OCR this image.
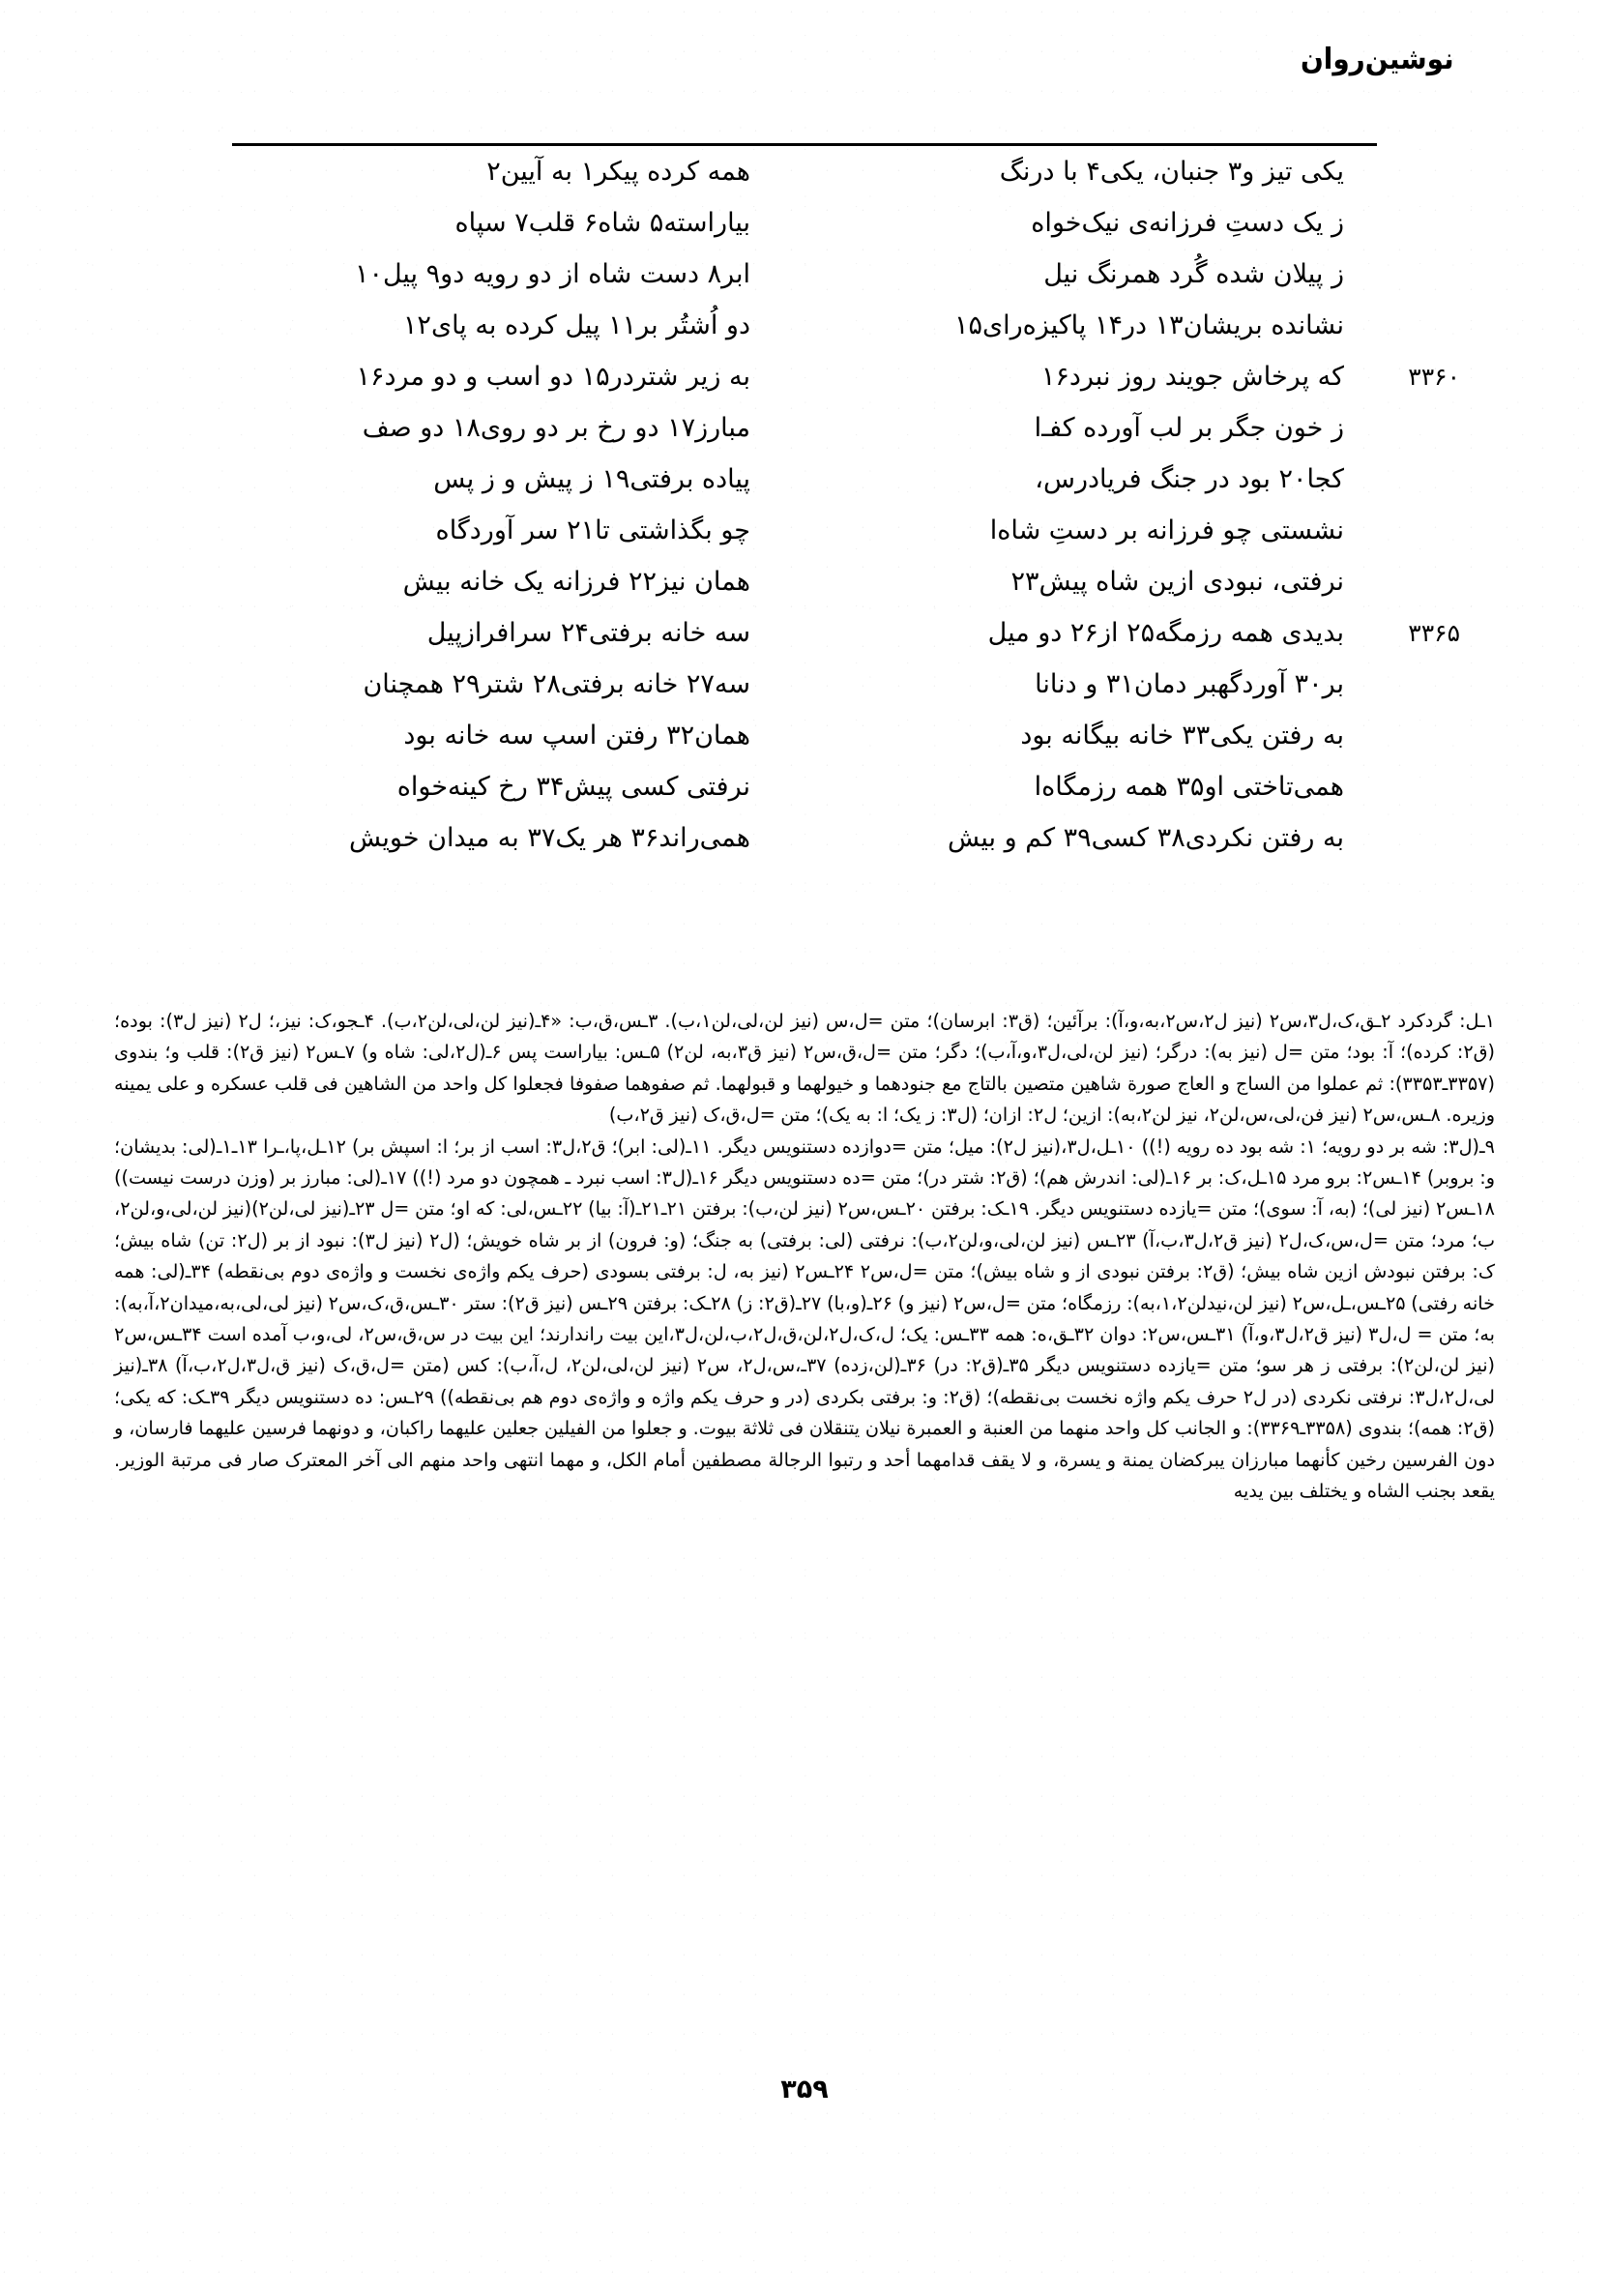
نوشین‌روان
یکی تیز و۳ جنبان، یکی۴ با درنگ
همه کرده پیکر۱ به آیین۲
ز یک دستِ فرزانه‌ی نیک‌خواه
بیاراسته۵ شاه۶ قلب۷ سپاه
ز پیلان شده گُرد همرنگ نیل
ابر۸ دست شاه از دو رویه دو۹ پیل۱۰
نشانده بریشان۱۳ در۱۴ پاکیزه‌رای۱۵
دو اُشتُر بر۱۱ پیل کرده به پای۱۲
۳۳۶۰
که پرخاش جویند روز نبرد۱۶
به زیر شتردر۱۵ دو اسب و دو مرد۱۶
ز خون جگر بر لب آورده کفـ‌ا
مبارز۱۷ دو رخ بر دو روی۱۸ دو صف
کجا۲۰ بود در جنگ فریادرس‌،
پیاده برفتی۱۹ ز پیش و ز پس
نشستی چو فرزانه بر دستِ شاه‌ا
چو بگذاشتی تا۲۱ سر آوردگاه
نرفتی، نبودی ازین شاه پیش۲۳
همان نیز۲۲ فرزانه یک خانه بیش
۳۳۶۵
بدیدی همه رزمگه۲۵ از۲۶ دو میل
سه خانه برفتی۲۴ سرافرازپیل
بر۳۰ آوردگهبر دمان۳۱ و دنانا
سه۲۷ خانه برفتی۲۸ شتر۲۹ همچنان
به رفتن یکی۳۳ خانه بیگانه بود
همان۳۲ رفتن اسپ سه خانه بود
همی‌تاختی او۳۵ همه رزمگاه‌ا
نرفتی کسی پیش۳۴ رخ کینه‌خواه
به رفتن نکردی۳۸ کسی۳۹ کم و بیش
همی‌راند۳۶ هر یک۳۷ به میدان خویش

۱ـل: گردکرد ۲ـق،ک،ل۳،س۲ (نیز ل۲،س۲،به،و،آ): برآئین؛ (ق۳: ابرسان)؛ متن =ل،س (نیز لن،لی،لن۱،ب). ۳ـس،ق،ب: «۴ـ(نیز لن،لی،لن۲،ب). ۴ـجو،ک: نیز،؛ ل۲ (نیز ل۳): بوده؛ (ق۲: کرده)؛ آ: بود؛ متن =ل (نیز به): درگر؛ (نیز لن،لی،ل۳،و،آ،ب)؛ دگر؛ متن =ل،ق،س۲ (نیز ق۳،به، لن۲) ۵ـس: بیاراست پس ۶ـ(ل۲،لی: شاه و) ۷ـس۲ (نیز ق۲): قلب و؛ بندوی (۳۳۵۷ـ۳۳۵۳): ثم عملوا من الساج و العاج صورة شاهین متصین بالتاج مع جنودهما و خیولهما و قبولهما. ثم صفوهما صفوفا فجعلوا کل واحد من الشاهین فی قلب عسکره و علی یمینه وزیره. ۸ـس،س۲ (نیز فن،لی،س،لن۲، نیز لن۲،به): ازین؛ ل۲: ازان؛ (ل۳: ز یک؛ ا: به یک)؛ متن =ل،ق،ک (نیز ق۲،ب)

۹ـ(ل۳: شه بر دو رویه؛ ۱: شه بود ده رویه (!)) ۱۰ـل،ل۳،(نیز ل۲): میل؛ متن =دوازده دستنویس دیگر. ۱۱ـ(لی: ابر)؛ ق۲،ل۳: اسب از بر؛ ا: اسپش بر) ۱۲ـل،پا،ـرا ۱۳ـ۱ـ(لی: بدیشان؛ و: بروبر) ۱۴ـس۲: برو مرد ۱۵ـل،ک: بر ۱۶ـ(لی: اندرش هم)؛ (ق۲: شتر در)؛ متن =ده دستنویس دیگر ۱۶ـ(ل۳: اسب نبرد ـ همچون دو مرد (!)) ۱۷ـ(لی: مبارز بر (وزن درست نیست)) ۱۸ـس۲ (نیز لی)؛ (به، آ: سوی)؛ متن =یازده دستنویس دیگر. ۱۹ـک: برفتن ۲۰ـس،س۲ (نیز لن،ب): برفتن ۲۱ـ۲۱ـ(آ: بیا) ۲۲ـس،لی: که او؛ متن =ل ۲۳ـ(نیز لی،لن۲)(نیز لن،لی،و،لن۲، ب؛ مرد؛ متن =ل،س،ک،ل۲ (نیز ق۲،ل۳،ب،آ) ۲۳ـس (نیز لن،لی،و،لن۲،ب): نرفتی (لی: برفتی) به جنگ؛ (و: فرون) از بر شاه خویش؛ (ل۲ (نیز ل۳): نبود از بر (ل۲: تن) شاه بیش؛ ک: برفتن نبودش ازین شاه بیش؛ (ق۲: برفتن نبودی از و شاه بیش)؛ متن =ل،س۲ ۲۴ـس۲ (نیز به، ل: برفتی بسودی (حرف یکم واژه‌ی نخست و واژه‌ی دوم بی‌نقطه) ۳۴ـ(لی: همه خانه رفتی) ۲۵ـس،ـل،س۲ (نیز لن،نیدلن۱،۲،به): رزمگاه؛ متن =ل،س۲ (نیز و) ۲۶ـ(و،با) ۲۷ـ(ق۲: ز) ۲۸ـک: برفتن ۲۹ـس (نیز ق۲): ستر ۳۰ـس،ق،ک،س۲ (نیز لی،لی،به،میدان۲،آ،به): به؛ متن = ل،ل۳ (نیز ق۲،ل۳،و،آ) ۳۱ـس،س۲: دوان ۳۲ـق،ه: همه ۳۳ـس: یک؛ ل،ک،ل۲،لن،ق،ل۲،ب،لن،ل۳،این بیت راندارند؛ این بیت در س،ق،س۲، لی،و،ب آمده است ۳۴ـس،س۲ (نیز لن،لن۲): برفتی ز هر سو؛ متن =یازده دستنویس دیگر ۳۵ـ(ق۲: در) ۳۶ـ(لن،زده) ۳۷ـ،س،ل۲، س۲ (نیز لن،لی،لن۲، ل،آ،ب): کس (متن =ل،ق،ک (نیز ق،ل۳،ل۲،ب،آ) ۳۸ـ(نیز لی،ل۲،ل۳: نرفتی نکردی (در ل۲ حرف یکم واژه نخست بی‌نقطه)؛ (ق۲: و: برفتی بکردی (در و حرف یکم واژه و واژه‌ی دوم هم بی‌نقطه)) ۲۹ـس: ده دستنویس دیگر ۳۹ـک: که یکی؛ (ق۲: همه)؛ بندوی (۳۳۵۸ـ۳۳۶۹): و الجانب کل واحد منهما من العنبة و العمبرة نیلان یتنقلان فی ثلاثة بیوت. و جعلوا من الفیلین جعلین علیهما راکبان، و دونهما فرسین علیهما فارسان، و دون الفرسین رخین کأنهما مبارزان یبرکضان یمنة و یسرة، و لا یقف قدامهما أحد و رتبوا الرجالة مصطفین أمام الکل، و مهما انتهی واحد منهم الی آخر المعترک صار فی مرتبة الوزیر. یقعد بجنب الشاه و یختلف بین یدیه

۳۵۹
